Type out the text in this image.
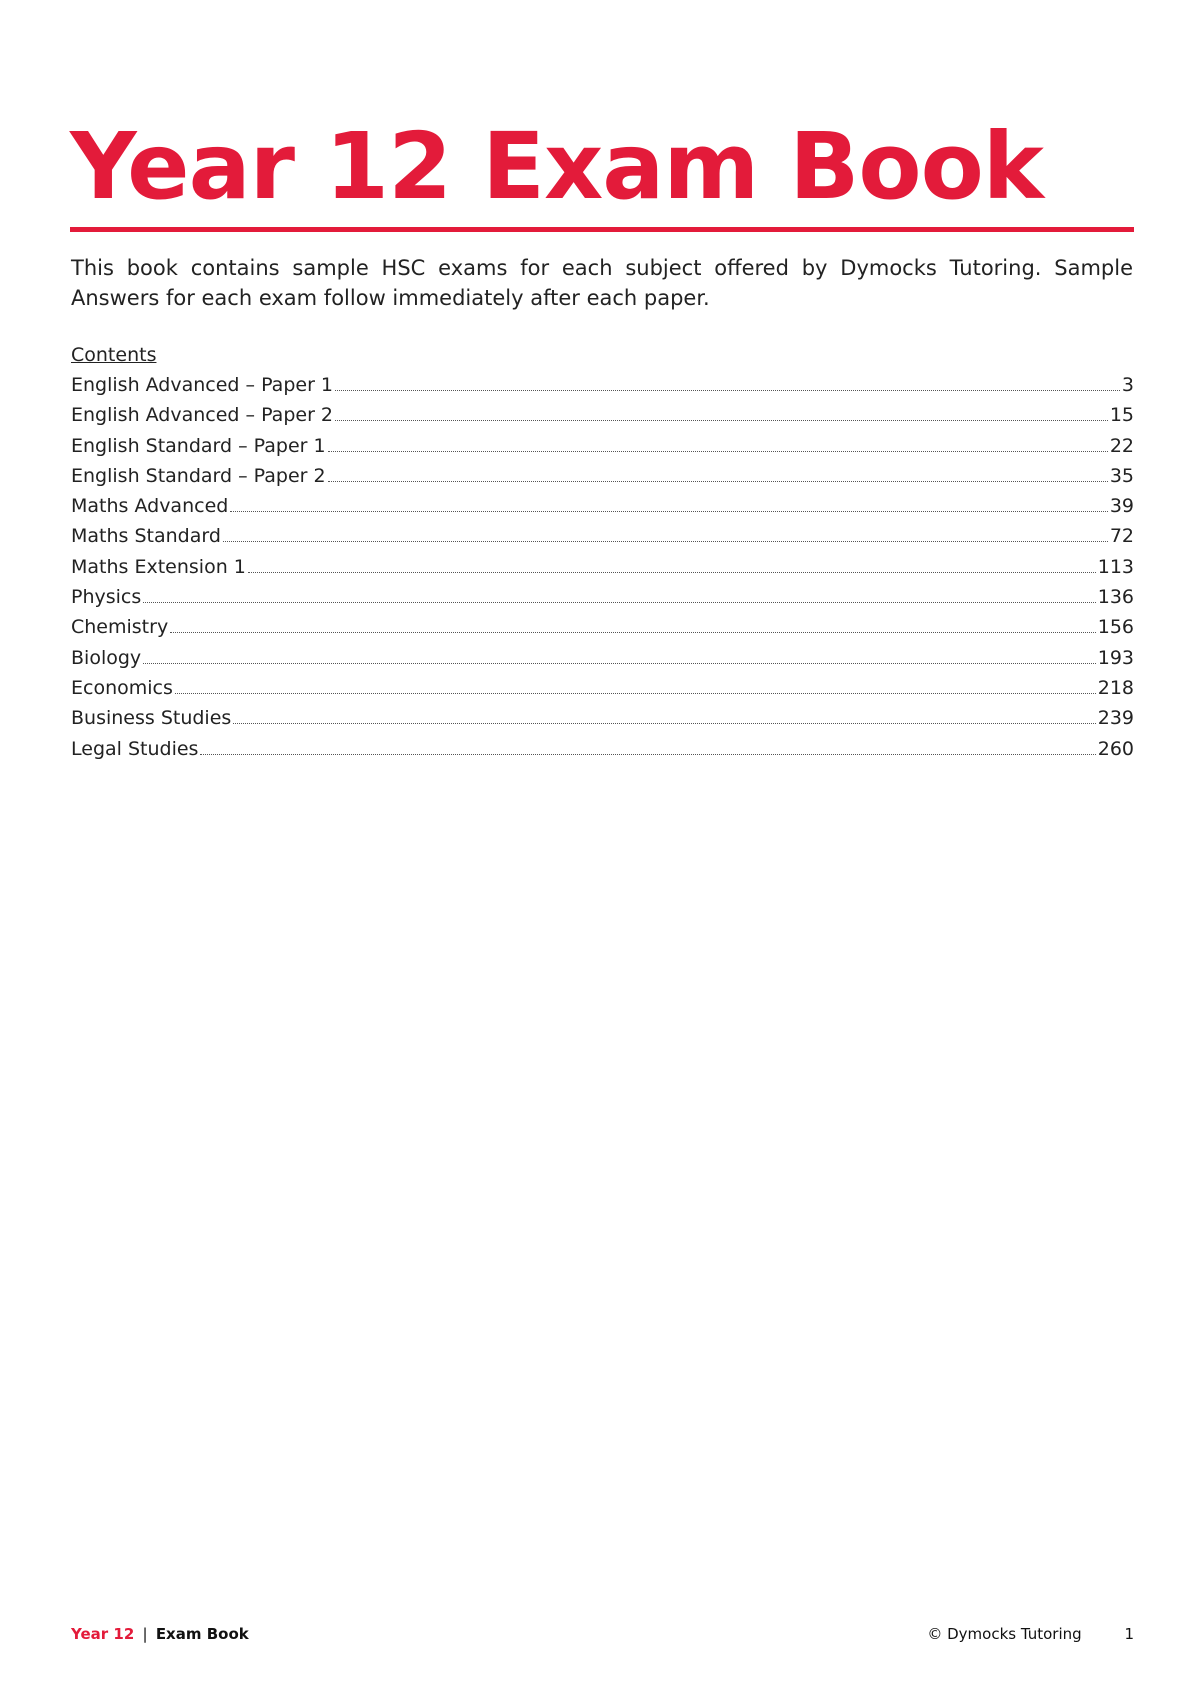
Year 12 Exam Book

This book contains sample HSC exams for each subject offered by Dymocks Tutoring. Sample Answers for each exam follow immediately after each paper.

Contents
English Advanced – Paper 1	3
English Advanced – Paper 2	15
English Standard – Paper 1	22
English Standard – Paper 2	35
Maths Advanced	39
Maths Standard	72
Maths Extension 1	113
Physics	136
Chemistry	156
Biology	193
Economics	218
Business Studies	239
Legal Studies	260
Year 12 | Exam Book	© Dymocks Tutoring	1
